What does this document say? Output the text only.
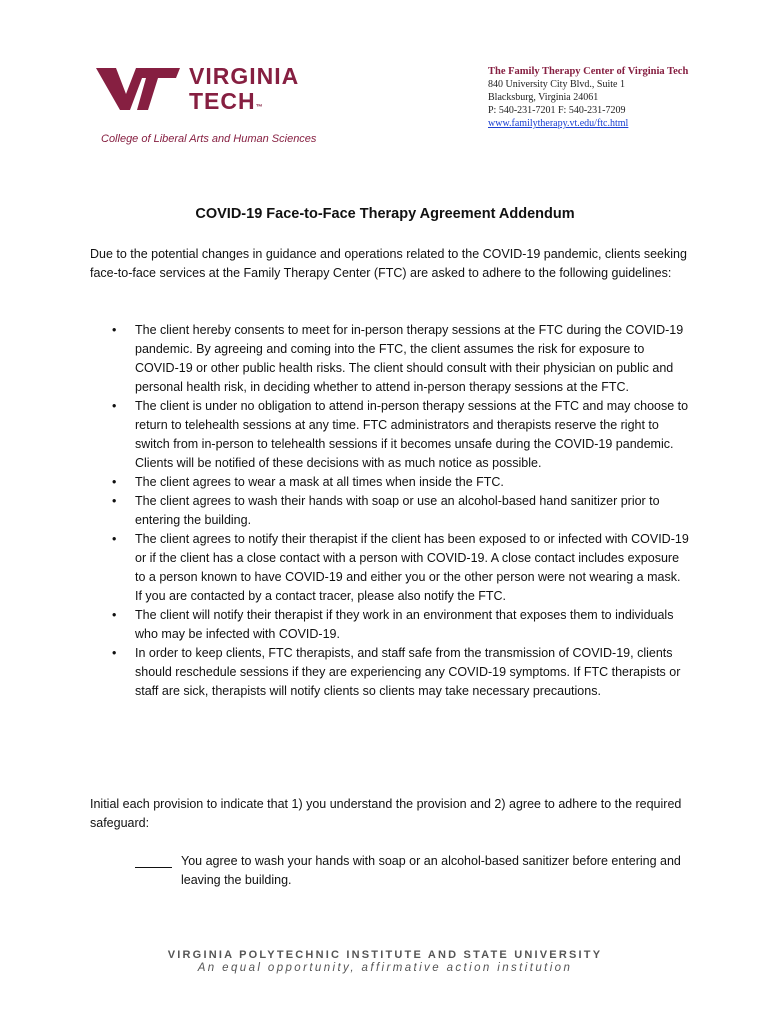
VIRGINIA
TECH™
College of Liberal Arts and Human Sciences
The Family Therapy Center of Virginia Tech
840 University City Blvd., Suite 1
Blacksburg, Virginia 24061
P: 540-231-7201 F: 540-231-7209
www.familytherapy.vt.edu/ftc.html
COVID-19 Face-to-Face Therapy Agreement Addendum
Due to the potential changes in guidance and operations related to the COVID-19 pandemic, clients seeking face-to-face services at the Family Therapy Center (FTC) are asked to adhere to the following guidelines:
• The client hereby consents to meet for in-person therapy sessions at the FTC during the COVID-19 pandemic. By agreeing and coming into the FTC, the client assumes the risk for exposure to COVID-19 or other public health risks. The client should consult with their physician on public and personal health risk, in deciding whether to attend in-person therapy sessions at the FTC.
• The client is under no obligation to attend in-person therapy sessions at the FTC and may choose to return to telehealth sessions at any time. FTC administrators and therapists reserve the right to switch from in-person to telehealth sessions if it becomes unsafe during the COVID-19 pandemic. Clients will be notified of these decisions with as much notice as possible.
• The client agrees to wear a mask at all times when inside the FTC.
• The client agrees to wash their hands with soap or use an alcohol-based hand sanitizer prior to entering the building.
• The client agrees to notify their therapist if the client has been exposed to or infected with COVID-19 or if the client has a close contact with a person with COVID-19. A close contact includes exposure to a person known to have COVID-19 and either you or the other person were not wearing a mask. If you are contacted by a contact tracer, please also notify the FTC.
• The client will notify their therapist if they work in an environment that exposes them to individuals who may be infected with COVID-19.
• In order to keep clients, FTC therapists, and staff safe from the transmission of COVID-19, clients should reschedule sessions if they are experiencing any COVID-19 symptoms. If FTC therapists or staff are sick, therapists will notify clients so clients may take necessary precautions.
Initial each provision to indicate that 1) you understand the provision and 2) agree to adhere to the required safeguard:
You agree to wash your hands with soap or an alcohol-based sanitizer before entering and leaving the building.
VIRGINIA POLYTECHNIC INSTITUTE AND STATE UNIVERSITY
An equal opportunity, affirmative action institution
